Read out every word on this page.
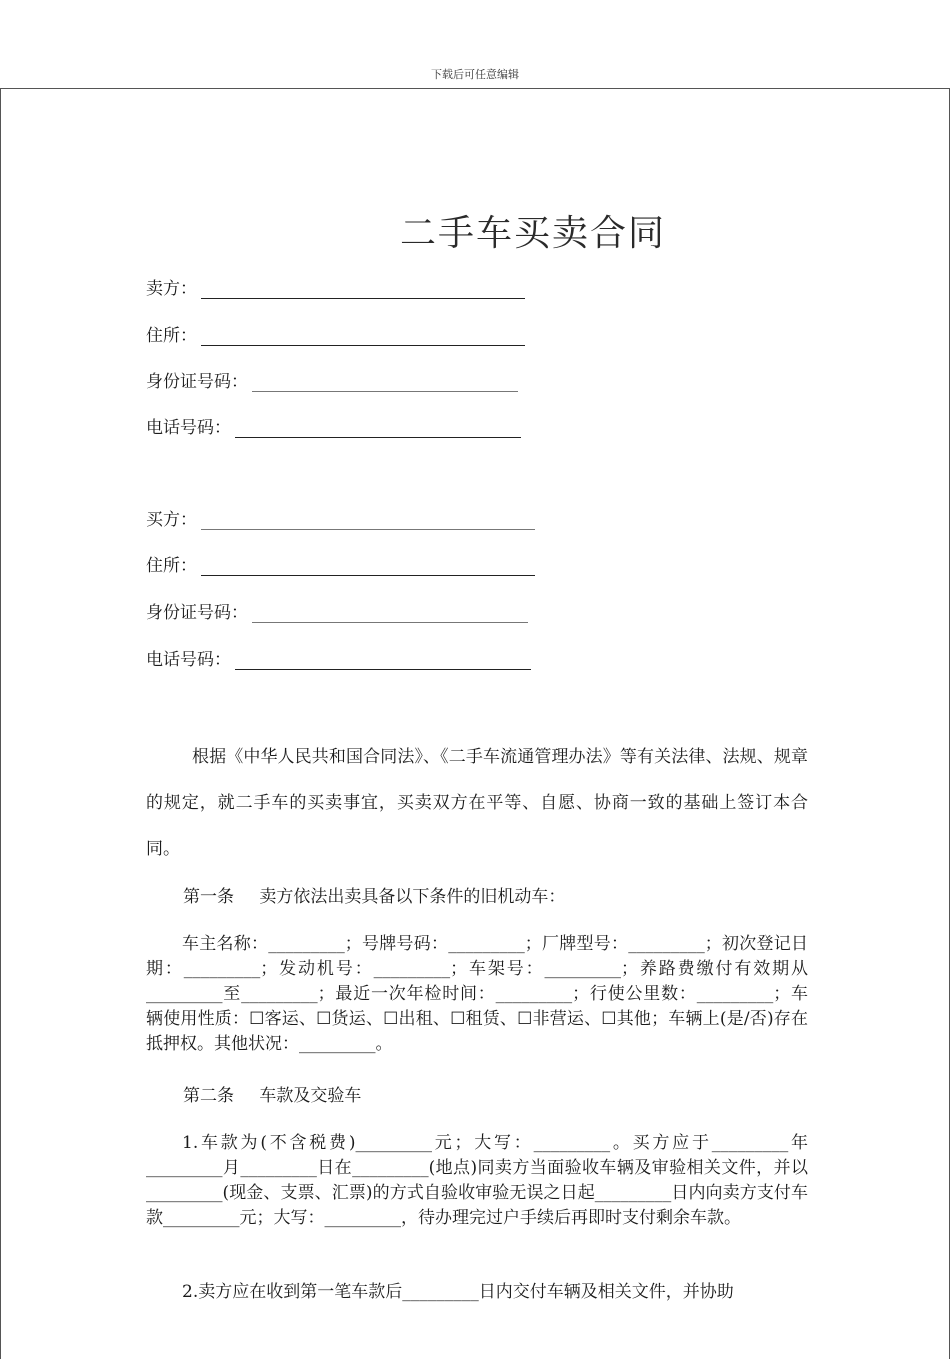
下载后可任意编辑
二手车买卖合同
卖方：
住所：
身份证号码：
电话号码：
买方：
住所：
身份证号码：
电话号码：
根据《中华人民共和国合同法》、《二手车流通管理办法》等有关法律、法规、规章的规定，就二手车的买卖事宜，买卖双方在平等、自愿、协商一致的基础上签订本合同。
第一条 卖方依法出卖具备以下条件的旧机动车：
车主名称：_________；号牌号码：_________；厂牌型号：_________；初次登记日期：_________；发动机号：_________；车架号：_________；养路费缴付有效期从_________至_________；最近一次年检时间：_________；行使公里数：_________；车辆使用性质：☐客运、☐货运、☐出租、☐租赁、☐非营运、☐其他；车辆上(是/否)存在抵押权。其他状况：_________。
第二条 车款及交验车
1.车款为(不含税费)_________元；大写：_________。买方应于_________年_________月_________日在_________(地点)同卖方当面验收车辆及审验相关文件，并以_________(现金、支票、汇票)的方式自验收审验无误之日起_________日内向卖方支付车款_________元；大写：_________，待办理完过户手续后再即时支付剩余车款。
2.卖方应在收到第一笔车款后_________日内交付车辆及相关文件，并协助
